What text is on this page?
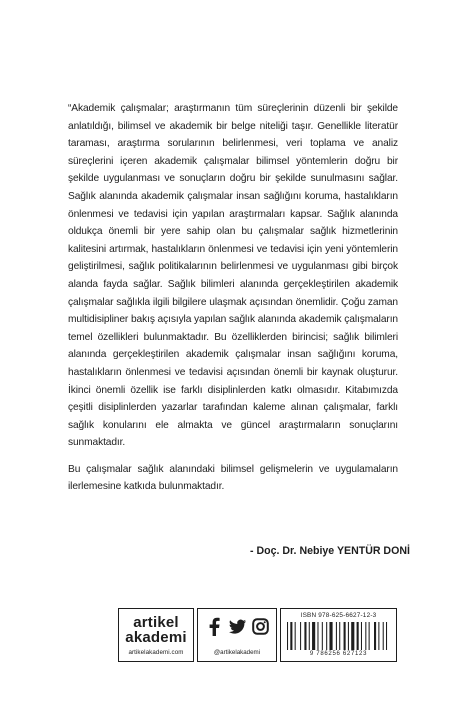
“Akademik çalışmalar; araştırmanın tüm süreçlerinin düzenli bir şekilde anlatıldığı, bilimsel ve akademik bir belge niteliği taşır. Genellikle literatür taraması, araştırma sorularının belirlenmesi, veri toplama ve analiz süreçlerini içeren akademik çalışmalar bilimsel yöntemlerin doğru bir şekilde uygulanması ve sonuçların doğru bir şekilde sunulmasını sağlar. Sağlık alanında akademik çalışmalar insan sağlığını koruma, hastalıkların önlenmesi ve tedavisi için yapılan araştırmaları kapsar. Sağlık alanında oldukça önemli bir yere sahip olan bu çalışmalar sağlık hizmetlerinin kalitesini artırmak, hastalıkların önlenmesi ve tedavisi için yeni yöntemlerin geliştirilmesi, sağlık politikalarının belirlenmesi ve uygulanması gibi birçok alanda fayda sağlar. Sağlık bilimleri alanında gerçekleştirilen akademik çalışmalar sağlıkla ilgili bilgilere ulaşmak açısından önemlidir. Çoğu zaman multidisipliner bakış açısıyla yapılan sağlık alanında akademik çalışmaların temel özellikleri bulunmaktadır. Bu özelliklerden birincisi; sağlık bilimleri alanında gerçekleştirilen akademik çalışmalar insan sağlığını koruma, hastalıkların önlenmesi ve tedavisi açısından önemli bir kaynak oluşturur. İkinci önemli özellik ise farklı disiplinlerden katkı olmasıdır. Kitabımızda çeşitli disiplinlerden yazarlar tarafından kaleme alınan çalışmalar, farklı sağlık konularını ele almakta ve güncel araştırmaların sonuçlarını sunmaktadır.

Bu çalışmalar sağlık alanındaki bilimsel gelişmelerin ve uygulamaların ilerlemesine katkıda bulunmaktadır.

- Doç. Dr. Nebiye YENTÜR DONİ
artikel
akademi
artikelakademi.com	@artikelakademi
ISBN 978-625-6627-12-3
9 786256 627123
